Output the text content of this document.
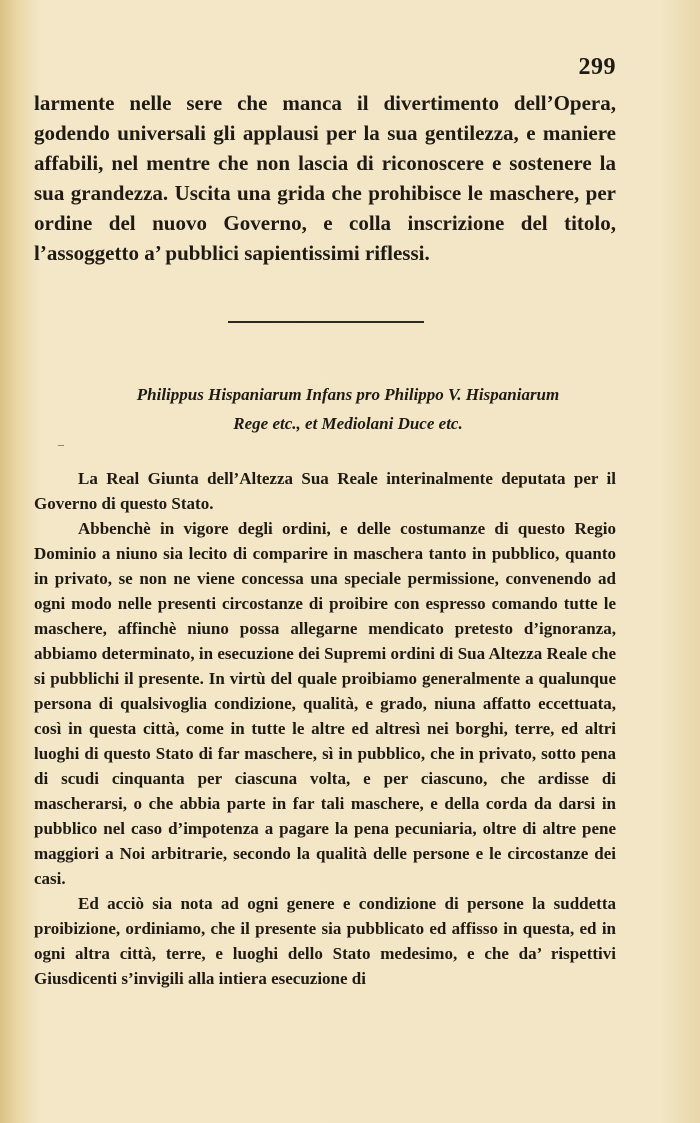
299
larmente nelle sere che manca il divertimento dell’Opera, godendo universali gli applausi per la sua gentilezza, e maniere affabili, nel mentre che non lascia di riconoscere e sostenere la sua grandezza. Uscita una grida che prohibisce le maschere, per ordine del nuovo Governo, e colla inscrizione del titolo, l’assoggetto a’ pubblici sapientissimi riflessi.
Philippus Hispaniarum Infans pro Philippo V. Hispaniarum
Rege etc., et Mediolani Duce etc.
–

La Real Giunta dell’Altezza Sua Reale interinalmente deputata per il Governo di questo Stato.

Abbenchè in vigore degli ordini, e delle costumanze di questo Regio Dominio a niuno sia lecito di comparire in maschera tanto in pubblico, quanto in privato, se non ne viene concessa una speciale permissione, convenendo ad ogni modo nelle presenti circostanze di proibire con espresso comando tutte le maschere, affinchè niuno possa allegarne mendicato pretesto d’ignoranza, abbiamo determinato, in esecuzione dei Supremi ordini di Sua Altezza Reale che si pubblichi il presente. In virtù del quale proibiamo generalmente a qualunque persona di qualsivoglia condizione, qualità, e grado, niuna affatto eccettuata, così in questa città, come in tutte le altre ed altresì nei borghi, terre, ed altri luoghi di questo Stato di far maschere, sì in pubblico, che in privato, sotto pena di scudi cinquanta per ciascuna volta, e per ciascuno, che ardisse di mascherarsi, o che abbia parte in far tali maschere, e della corda da darsi in pubblico nel caso d’impotenza a pagare la pena pecuniaria, oltre di altre pene maggiori a Noi arbitrarie, secondo la qualità delle persone e le circostanze dei casi.

Ed acciò sia nota ad ogni genere e condizione di persone la suddetta proibizione, ordiniamo, che il presente sia pubblicato ed affisso in questa, ed in ogni altra città, terre, e luoghi dello Stato medesimo, e che da’ rispettivi Giusdicenti s’invigili alla intiera esecuzione di
